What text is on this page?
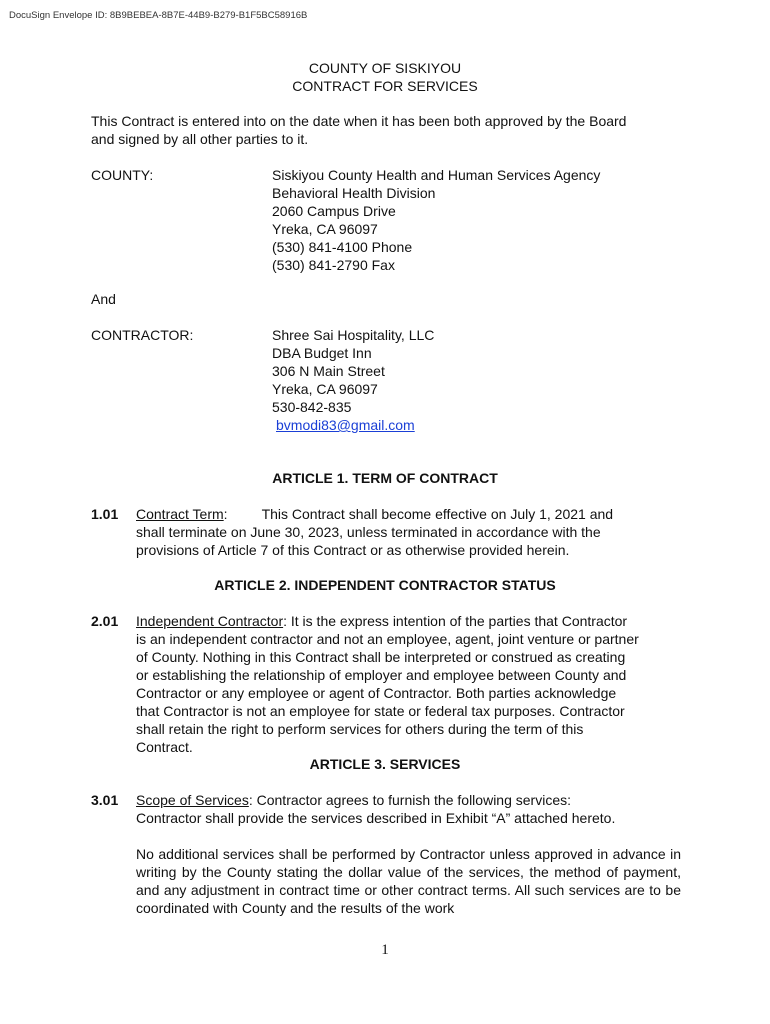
DocuSign Envelope ID: 8B9BEBEA-8B7E-44B9-B279-B1F5BC58916B
COUNTY OF SISKIYOU
CONTRACT FOR SERVICES
This Contract is entered into on the date when it has been both approved by the Board
and signed by all other parties to it.
COUNTY:	Siskiyou County Health and Human Services Agency
Behavioral Health Division
2060 Campus Drive
Yreka, CA 96097
(530) 841-4100 Phone
(530) 841-2790 Fax
And
CONTRACTOR:	Shree Sai Hospitality, LLC
DBA Budget Inn
306 N Main Street
Yreka, CA 96097
530-842-835
bvmodi83@gmail.com
ARTICLE 1. TERM OF CONTRACT
1.01 Contract Term: This Contract shall become effective on July 1, 2021 and
shall terminate on June 30, 2023, unless terminated in accordance with the
provisions of Article 7 of this Contract or as otherwise provided herein.
ARTICLE 2. INDEPENDENT CONTRACTOR STATUS
2.01 Independent Contractor: It is the express intention of the parties that Contractor
is an independent contractor and not an employee, agent, joint venture or partner
of County. Nothing in this Contract shall be interpreted or construed as creating
or establishing the relationship of employer and employee between County and
Contractor or any employee or agent of Contractor. Both parties acknowledge
that Contractor is not an employee for state or federal tax purposes. Contractor
shall retain the right to perform services for others during the term of this
Contract.
ARTICLE 3. SERVICES
3.01 Scope of Services: Contractor agrees to furnish the following services:
Contractor shall provide the services described in Exhibit “A” attached hereto.
No additional services shall be performed by Contractor unless approved in advance in writing by the County stating the dollar value of the services, the method of payment, and any adjustment in contract time or other contract terms. All such services are to be coordinated with County and the results of the work
1
